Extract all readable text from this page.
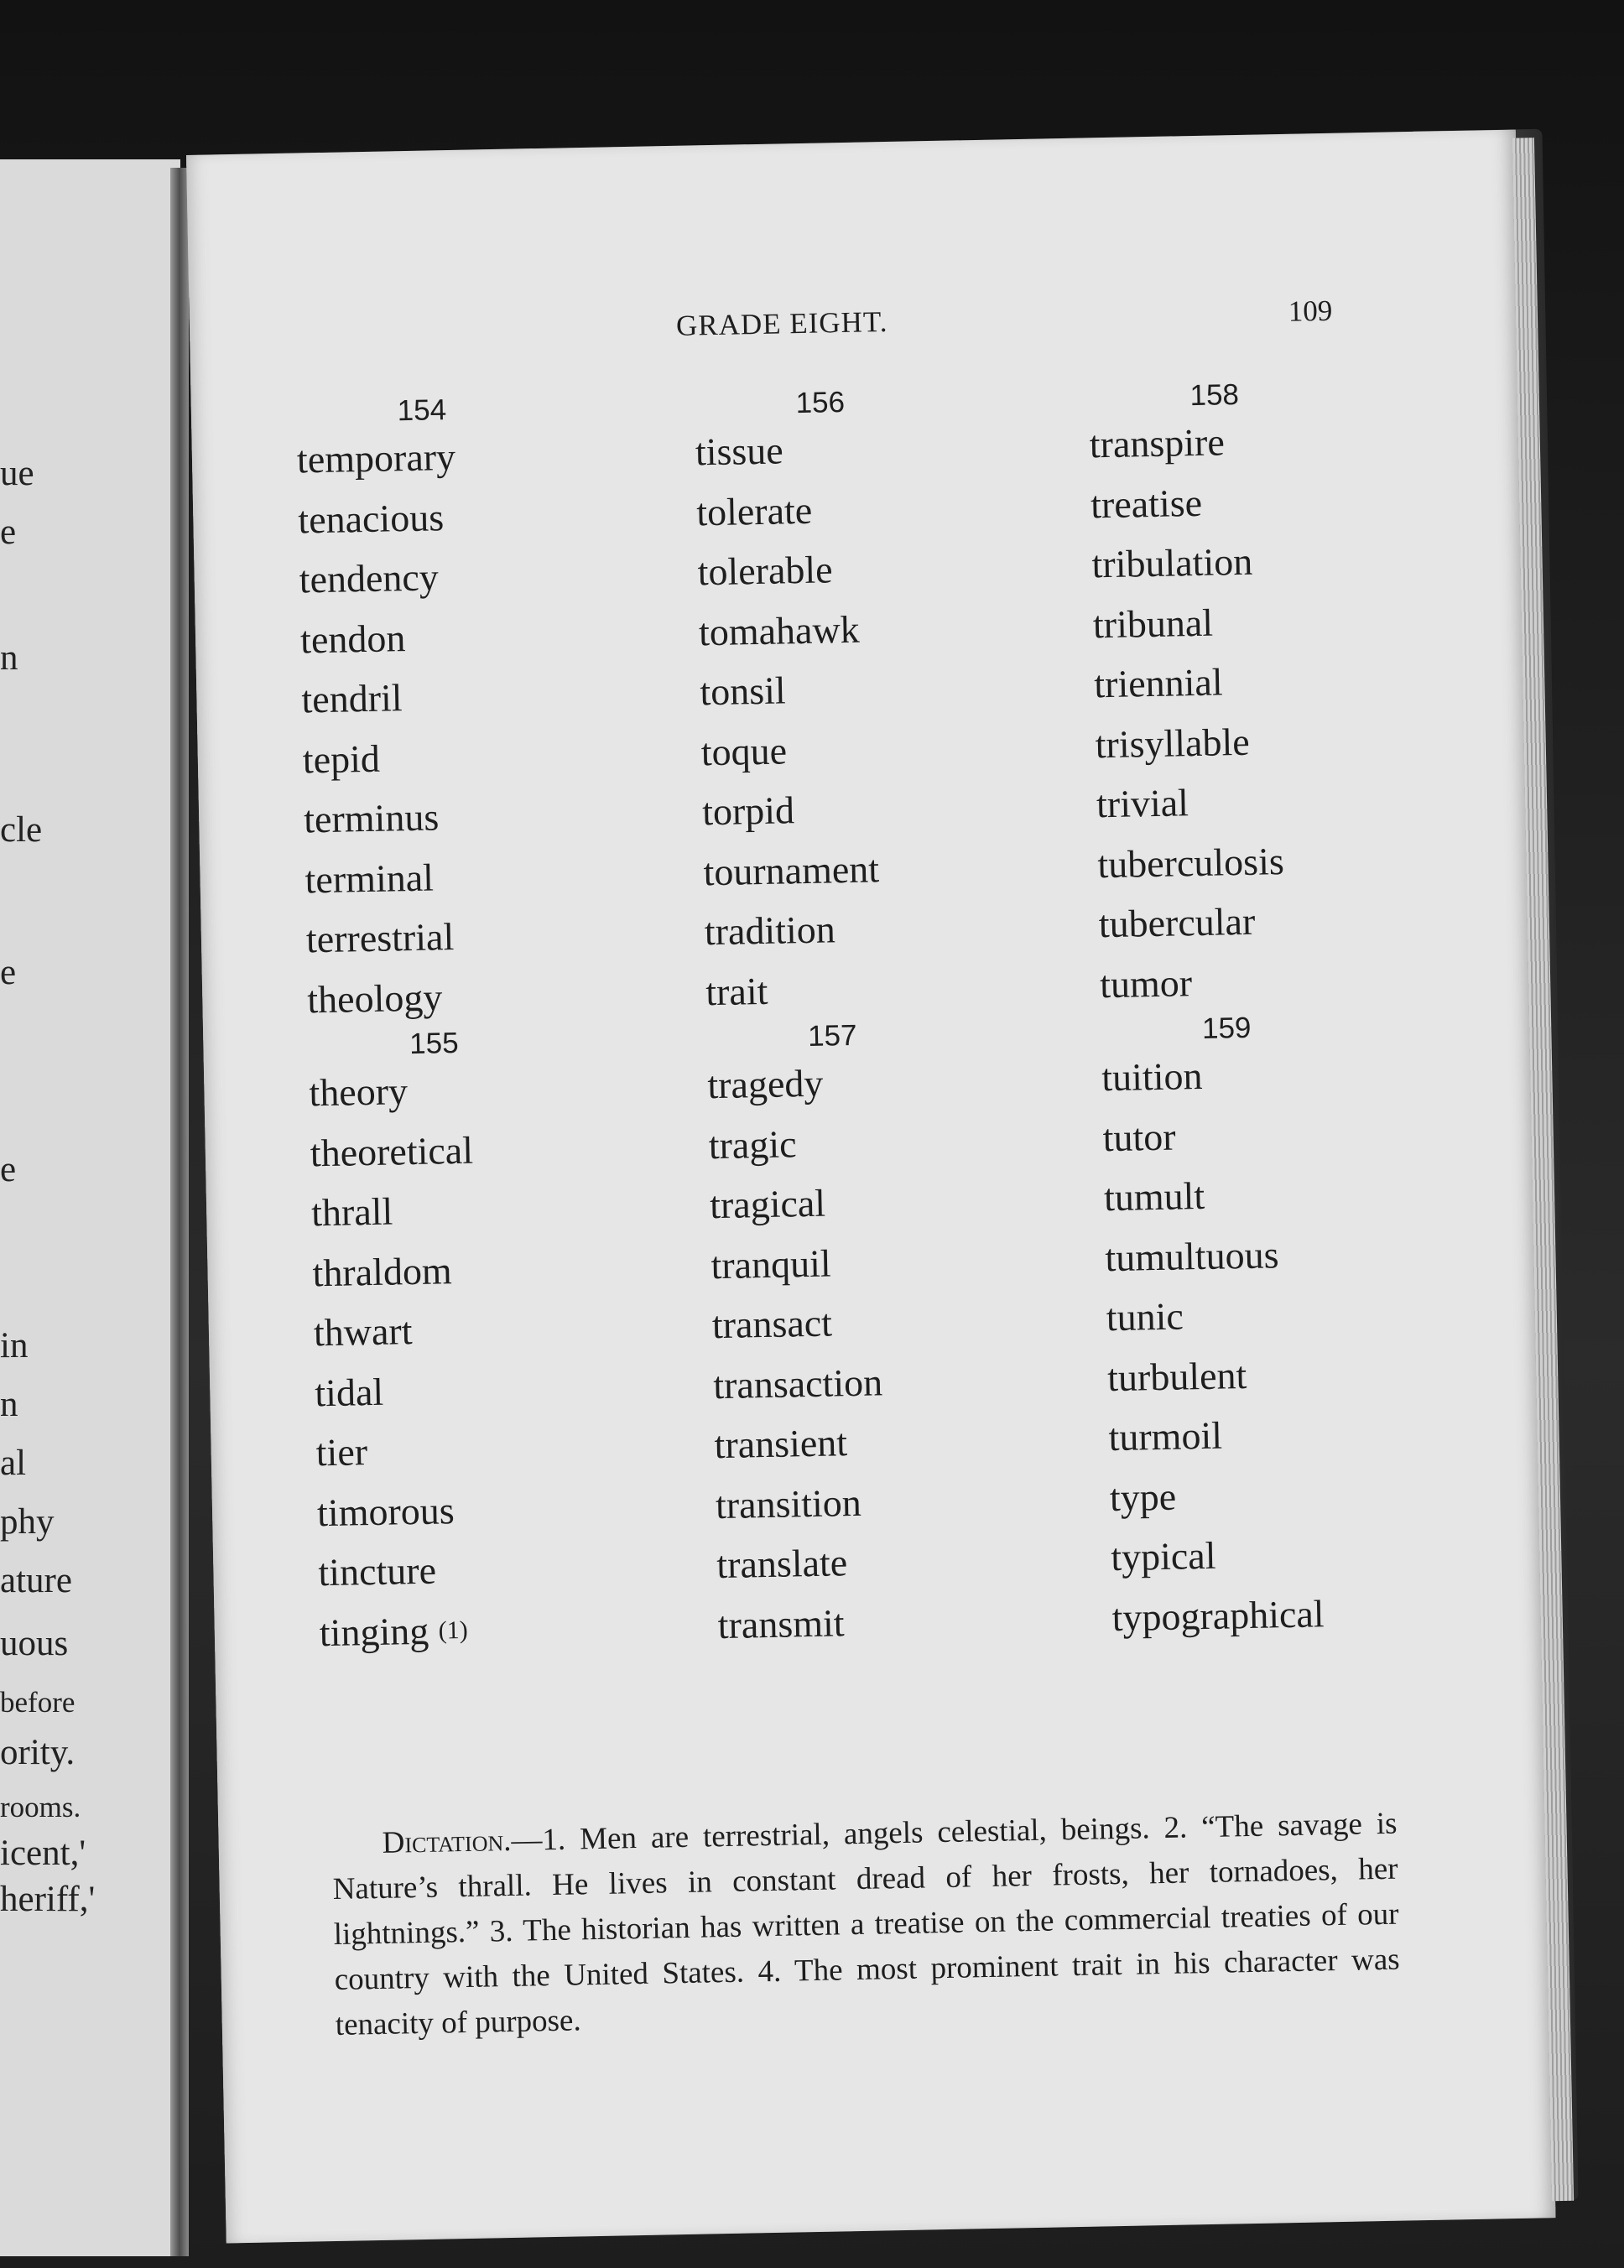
ue
e
n
cle
e
e
in
n
al
phy
ature
uous
before
ority.
rooms.
icent,'
heriff,'
GRADE EIGHT.	109
154
temporary
tenacious
tendency
tendon
tendril
tepid
terminus
terminal
terrestrial
theology
155
theory
theoretical
thrall
thraldom
thwart
tidal
tier
timorous
tincture
tinging $^{(1)}$
156
tissue
tolerate
tolerable
tomahawk
tonsil
toque
torpid
tournament
tradition
trait
157
tragedy
tragic
tragical
tranquil
transact
transaction
transient
transition
translate
transmit
158
transpire
treatise
tribulation
tribunal
triennial
trisyllable
trivial
tuberculosis
tubercular
tumor
159
tuition
tutor
tumult
tumultuous
tunic
turbulent
turmoil
type
typical
typographical
Dictation.—1. Men are terrestrial, angels celestial, beings. 2. “The savage is Nature’s thrall. He lives in constant dread of her frosts, her tornadoes, her lightnings.” 3. The historian has written a treatise on the commercial treaties of our country with the United States. 4. The most prominent trait in his character was tenacity of purpose.
